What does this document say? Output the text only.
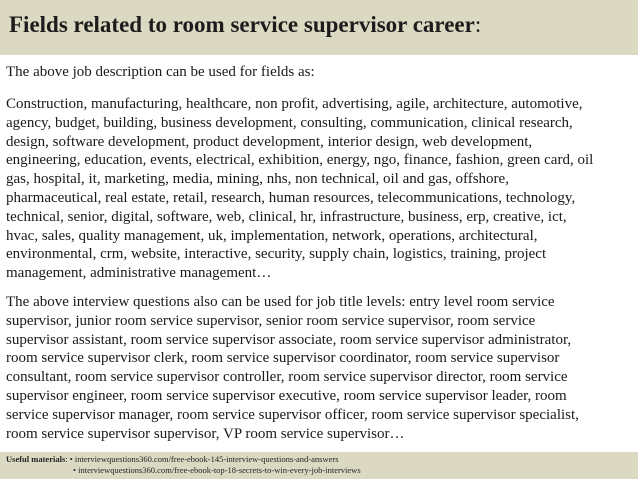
Fields related to room service supervisor career:
The above job description can be used for fields as:
Construction, manufacturing, healthcare, non profit, advertising, agile, architecture, automotive,
agency, budget, building, business development, consulting, communication, clinical research,
design, software development, product development, interior design, web development,
engineering, education, events, electrical, exhibition, energy, ngo, finance, fashion, green card, oil
gas, hospital, it, marketing, media, mining, nhs, non technical, oil and gas, offshore,
pharmaceutical, real estate, retail, research, human resources, telecommunications, technology,
technical, senior, digital, software, web, clinical, hr, infrastructure, business, erp, creative, ict,
hvac, sales, quality management, uk, implementation, network, operations, architectural,
environmental, crm, website, interactive, security, supply chain, logistics, training, project
management, administrative management…
The above interview questions also can be used for job title levels: entry level room service
supervisor, junior room service supervisor, senior room service supervisor, room service
supervisor assistant, room service supervisor associate, room service supervisor administrator,
room service supervisor clerk, room service supervisor coordinator, room service supervisor
consultant, room service supervisor controller, room service supervisor director, room service
supervisor engineer, room service supervisor executive, room service supervisor leader, room
service supervisor manager, room service supervisor officer, room service supervisor specialist,
room service supervisor supervisor, VP room service supervisor…
Useful materials: • interviewquestions360.com/free-ebook-145-interview-questions-and-answers
• interviewquestions360.com/free-ebook-top-18-secrets-to-win-every-job-interviews
